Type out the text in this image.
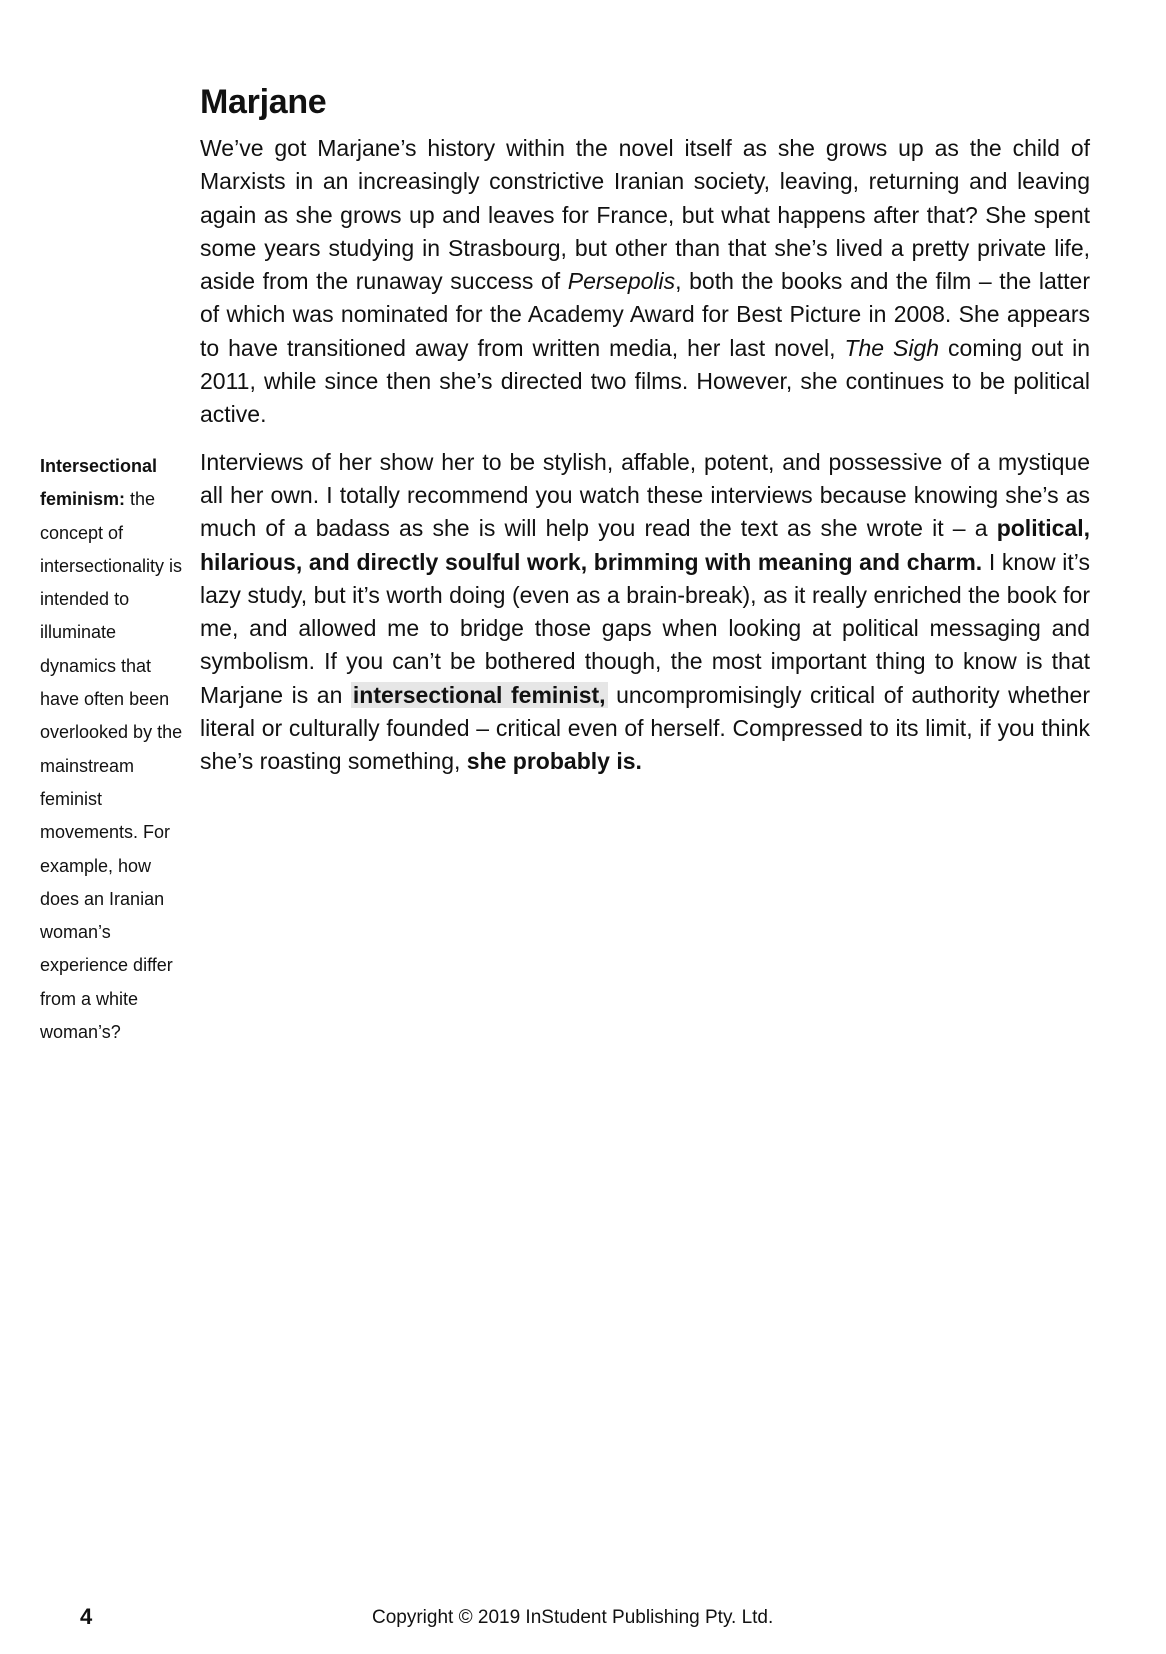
Marjane

We’ve got Marjane’s history within the novel itself as she grows up as the child of Marxists in an increasingly constrictive Iranian society, leaving, returning and leaving again as she grows up and leaves for France, but what happens after that? She spent some years studying in Strasbourg, but other than that she’s lived a pretty private life, aside from the runaway success of Persepolis, both the books and the film – the latter of which was nominated for the Academy Award for Best Picture in 2008. She appears to have transitioned away from written media, her last novel, The Sigh coming out in 2011, while since then she’s directed two films. However, she continues to be political active.

Interviews of her show her to be stylish, affable, potent, and possessive of a mystique all her own. I totally recommend you watch these interviews because knowing she’s as much of a badass as she is will help you read the text as she wrote it – a political, hilarious, and directly soulful work, brimming with meaning and charm. I know it’s lazy study, but it’s worth doing (even as a brain-break), as it really enriched the book for me, and allowed me to bridge those gaps when looking at political messaging and symbolism. If you can’t be bothered though, the most important thing to know is that Marjane is an intersectional feminist, uncompromisingly critical of authority whether literal or culturally founded – critical even of herself. Compressed to its limit, if you think she’s roasting something, she probably is.

Intersectional feminism: the concept of intersectionality is intended to illuminate dynamics that have often been overlooked by the mainstream feminist movements. For example, how does an Iranian woman’s experience differ from a white woman’s?
4	Copyright © 2019 InStudent Publishing Pty. Ltd.
